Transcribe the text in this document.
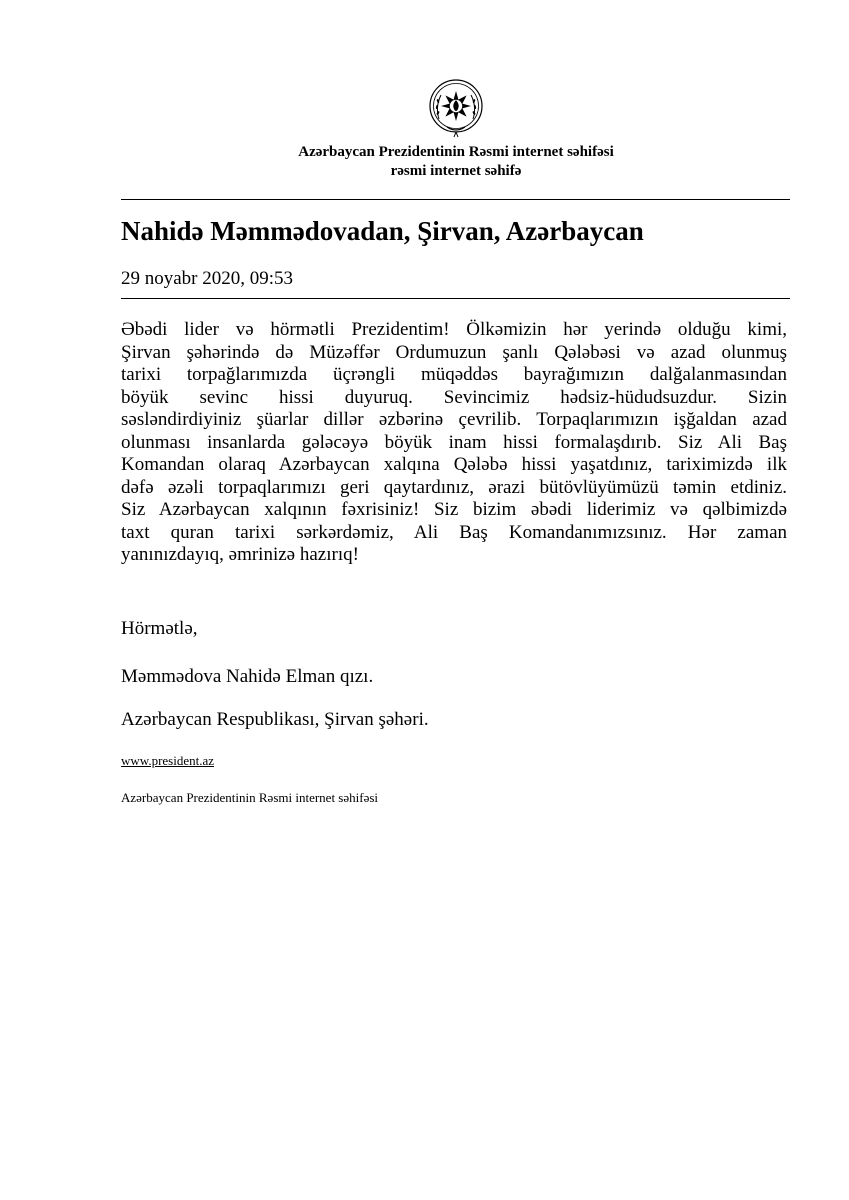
Azərbaycan Prezidentinin Rəsmi internet səhifəsi
rəsmi internet səhifə
Nahidə Məmmədovadan, Şirvan, Azərbaycan
29 noyabr 2020, 09:53
Əbədi lider və hörmətli Prezidentim! Ölkəmizin hər yerində olduğu kimi,
Şirvan şəhərində də Müzəffər Ordumuzun şanlı Qələbəsi və azad olunmuş
tarixi torpağlarımızda üçrəngli müqəddəs bayrağımızın dalğalanmasından
böyük sevinc hissi duyuruq. Sevincimiz hədsiz-hüdudsuzdur. Sizin
səsləndirdiyiniz şüarlar dillər əzbərinə çevrilib. Torpaqlarımızın işğaldan azad
olunması insanlarda gələcəyə böyük inam hissi formalaşdırıb. Siz Ali Baş
Komandan olaraq Azərbaycan xalqına Qələbə hissi yaşatdınız, tariximizdə ilk
dəfə əzəli torpaqlarımızı geri qaytardınız, ərazi bütövlüyümüzü təmin etdiniz.
Siz Azərbaycan xalqının fəxrisiniz! Siz bizim əbədi liderimiz və qəlbimizdə
taxt quran tarixi sərkərdəmiz, Ali Baş Komandanımızsınız. Hər zaman
yanınızdayıq, əmrinizə hazırıq!
Hörmətlə,
Məmmədova Nahidə Elman qızı.
Azərbaycan Respublikası, Şirvan şəhəri.
www.president.az
Azərbaycan Prezidentinin Rəsmi internet səhifəsi
